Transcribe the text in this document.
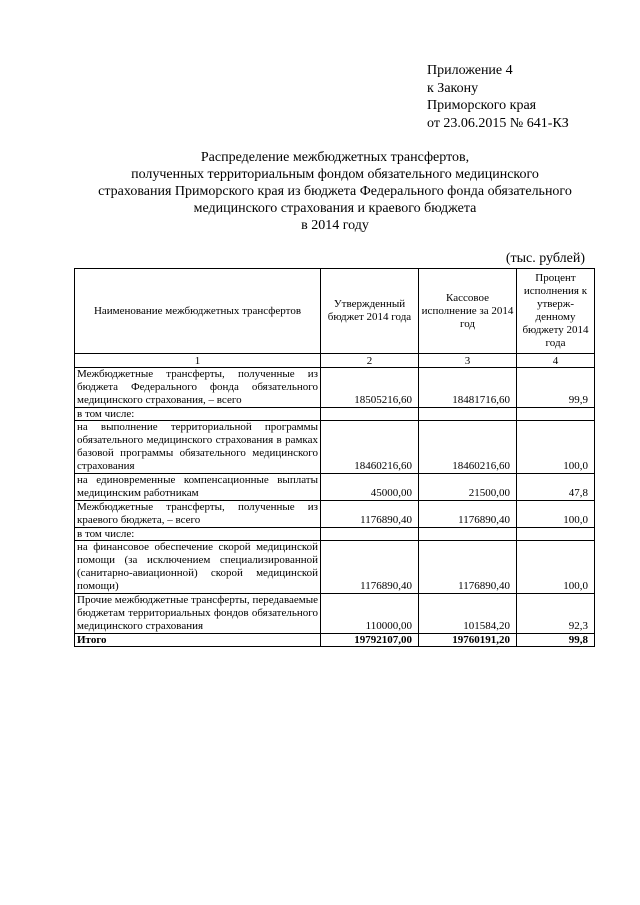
Приложение 4
к Закону
Приморского края
от 23.06.2015 № 641-КЗ
Распределение межбюджетных трансфертов,
полученных территориальным фондом обязательного медицинского
страхования Приморского края из бюджета Федерального фонда обязательного
медицинского страхования и краевого бюджета
в 2014 году
(тыс. рублей)
Наименование межбюджетных трансфертов	Утвержденный бюджет 2014 года	Кассовое исполнение за 2014 год	Процент исполнения к утверж-денному бюджету 2014 года
1	2	3	4
Межбюджетные трансферты, полученные из бюджета Федерального фонда обязательного медицинского страхования, – всего	18505216,60	18481716,60	99,9
в том числе:			
на выполнение территориальной программы обязательного медицинского страхования в рамках базовой программы обязательного медицинского страхования	18460216,60	18460216,60	100,0
на единовременные компенсационные выплаты медицинским работникам	45000,00	21500,00	47,8
Межбюджетные трансферты, полученные из краевого бюджета, – всего	1176890,40	1176890,40	100,0
в том числе:			
на финансовое обеспечение скорой медицинской помощи (за исключением специализированной (санитарно-авиационной) скорой медицинской помощи)	1176890,40	1176890,40	100,0
Прочие межбюджетные трансферты, передаваемые бюджетам территориальных фондов обязательного медицинского страхования	110000,00	101584,20	92,3
Итого	19792107,00	19760191,20	99,8
